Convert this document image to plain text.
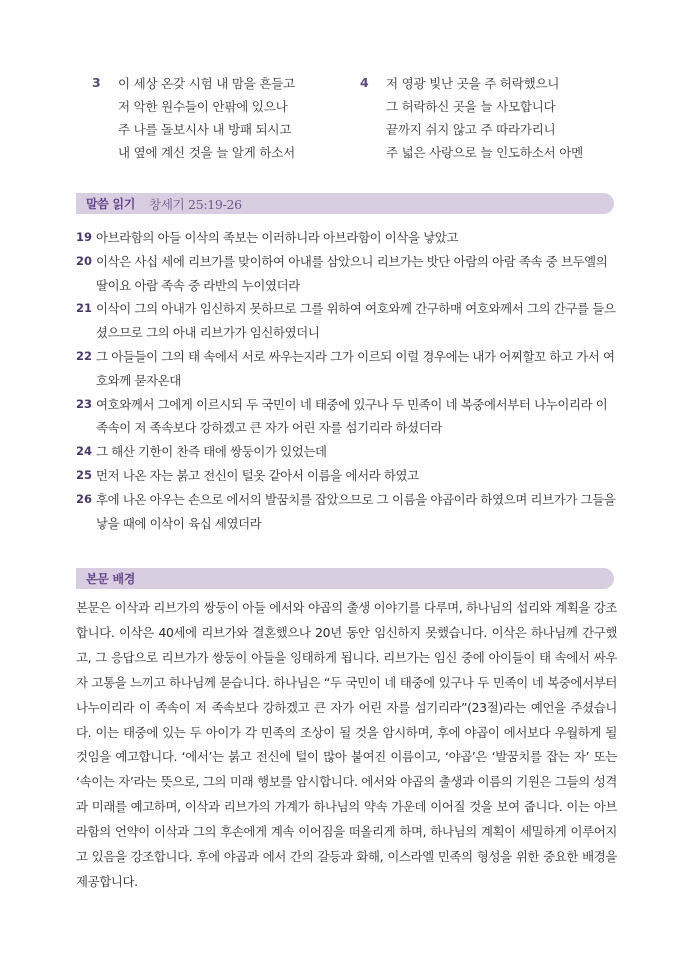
3	이 세상 온갖 시험 내 맘을 흔들고
저 악한 원수들이 안팎에 있으나
주 나를 돌보시사 내 방패 되시고
내 옆에 계신 것을 늘 알게 하소서
4	저 영광 빛난 곳을 주 허락했으니
그 허락하신 곳을 늘 사모합니다
끝까지 쉬지 않고 주 따라가리니
주 넓은 사랑으로 늘 인도하소서 아멘
말씀 읽기 창세기 25:19-26
19 아브라함의 아들 이삭의 족보는 이러하니라 아브라함이 이삭을 낳았고
20 이삭은 사십 세에 리브가를 맞이하여 아내를 삼았으니 리브가는 밧단 아람의 아람 족속 중 브두엘의 딸이요 아람 족속 중 라반의 누이였더라
21 이삭이 그의 아내가 임신하지 못하므로 그를 위하여 여호와께 간구하매 여호와께서 그의 간구를 들으셨으므로 그의 아내 리브가가 임신하였더니
22 그 아들들이 그의 태 속에서 서로 싸우는지라 그가 이르되 이럴 경우에는 내가 어찌할꼬 하고 가서 여호와께 묻자온대
23 여호와께서 그에게 이르시되 두 국민이 네 태중에 있구나 두 민족이 네 복중에서부터 나누이리라 이 족속이 저 족속보다 강하겠고 큰 자가 어린 자를 섬기리라 하셨더라
24 그 해산 기한이 찬즉 태에 쌍둥이가 있었는데
25 먼저 나온 자는 붉고 전신이 털옷 같아서 이름을 에서라 하였고
26 후에 나온 아우는 손으로 에서의 발꿈치를 잡았으므로 그 이름을 야곱이라 하였으며 리브가가 그들을 낳을 때에 이삭이 육십 세였더라
본문 배경
본문은 이삭과 리브가의 쌍둥이 아들 에서와 야곱의 출생 이야기를 다루며, 하나님의 섭리와 계획을 강조합니다. 이삭은 40세에 리브가와 결혼했으나 20년 동안 임신하지 못했습니다. 이삭은 하나님께 간구했고, 그 응답으로 리브가가 쌍둥이 아들을 잉태하게 됩니다. 리브가는 임신 중에 아이들이 태 속에서 싸우자 고통을 느끼고 하나님께 묻습니다. 하나님은 “두 국민이 네 태중에 있구나 두 민족이 네 복중에서부터 나누이리라 이 족속이 저 족속보다 강하겠고 큰 자가 어린 자를 섬기리라”(23절)라는 예언을 주셨습니다. 이는 태중에 있는 두 아이가 각 민족의 조상이 될 것을 암시하며, 후에 야곱이 에서보다 우월하게 될 것임을 예고합니다. ‘에서’는 붉고 전신에 털이 많아 붙여진 이름이고, ‘야곱’은 ‘발꿈치를 잡는 자’ 또는 ‘속이는 자’라는 뜻으로, 그의 미래 행보를 암시합니다. 에서와 야곱의 출생과 이름의 기원은 그들의 성격과 미래를 예고하며, 이삭과 리브가의 가계가 하나님의 약속 가운데 이어질 것을 보여 줍니다. 이는 아브라함의 언약이 이삭과 그의 후손에게 계속 이어짐을 떠올리게 하며, 하나님의 계획이 세밀하게 이루어지고 있음을 강조합니다. 후에 야곱과 에서 간의 갈등과 화해, 이스라엘 민족의 형성을 위한 중요한 배경을 제공합니다.
